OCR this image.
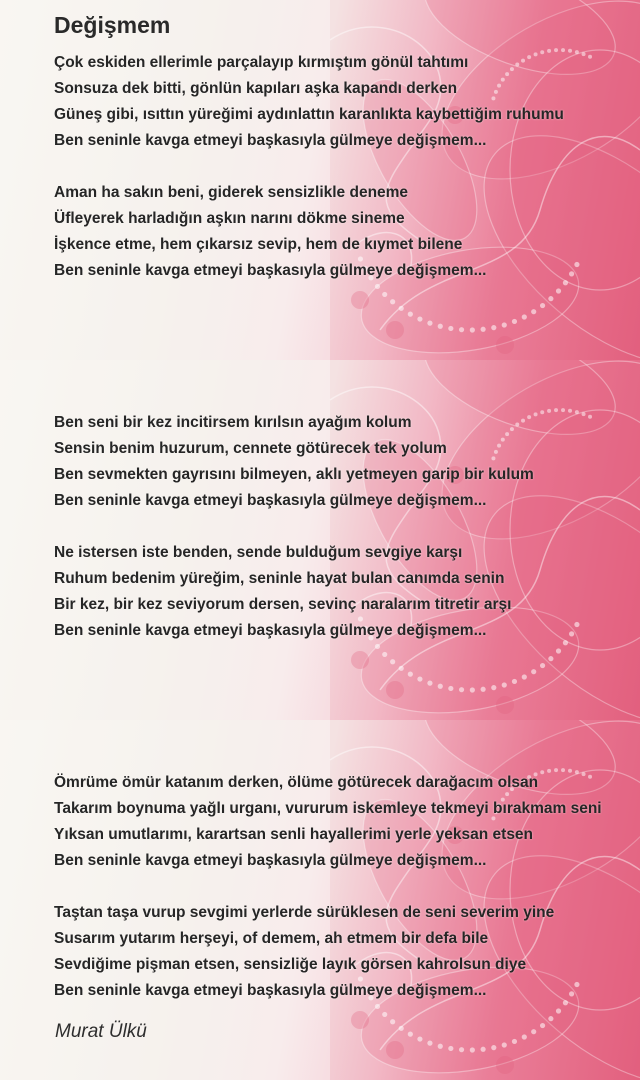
Değişmem
Çok eskiden ellerimle parçalayıp kırmıştım gönül tahtımı
Sonsuza dek bitti, gönlün kapıları aşka kapandı derken
Güneş gibi, ısıttın yüreğimi aydınlattın karanlıkta kaybettiğim ruhumu
Ben seninle kavga etmeyi başkasıyla gülmeye değişmem...
Aman ha sakın beni, giderek sensizlikle deneme
Üfleyerek harladığın aşkın narını dökme sineme
İşkence etme, hem çıkarsız sevip, hem de kıymet bilene
Ben seninle kavga etmeyi başkasıyla gülmeye değişmem...
Ben seni bir kez incitirsem kırılsın ayağım kolum
Sensin benim huzurum, cennete götürecek tek yolum
Ben sevmekten gayrısını bilmeyen, aklı yetmeyen garip bir kulum
Ben seninle kavga etmeyi başkasıyla gülmeye değişmem...
Ne istersen iste benden, sende bulduğum sevgiye karşı
Ruhum bedenim yüreğim, seninle hayat bulan canımda senin
Bir kez, bir kez seviyorum dersen, sevinç naralarım titretir arşı
Ben seninle kavga etmeyi başkasıyla gülmeye değişmem...
Ömrüme ömür katanım derken, ölüme götürecek darağacım olsan
Takarım boynuma yağlı urganı, vururum iskemleye tekmeyi bırakmam seni
Yıksan umutlarımı, karartsan senli hayallerimi yerle yeksan etsen
Ben seninle kavga etmeyi başkasıyla gülmeye değişmem...
Taştan taşa vurup sevgimi yerlerde sürüklesen de seni severim yine
Susarım yutarım herşeyi, of demem, ah etmem bir defa bile
Sevdiğime pişman etsen, sensizliğe layık görsen kahrolsun diye
Ben seninle kavga etmeyi başkasıyla gülmeye değişmem...
Murat Ülkü
